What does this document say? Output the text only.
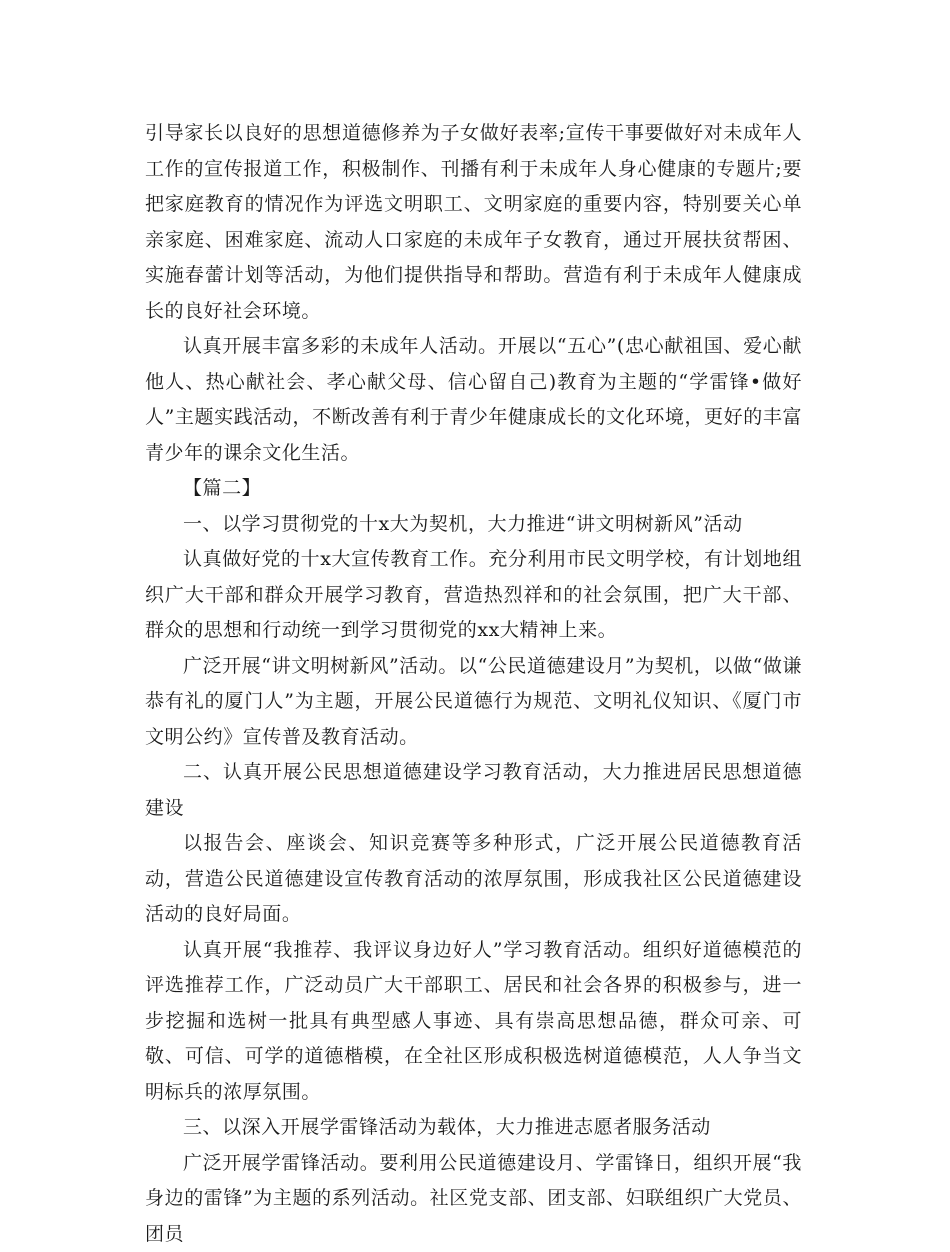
引导家长以良好的思想道德修养为子女做好表率;宣传干事要做好对未成年人工作的宣传报道工作，积极制作、刊播有利于未成年人身心健康的专题片;要把家庭教育的情况作为评选文明职工、文明家庭的重要内容，特别要关心单亲家庭、困难家庭、流动人口家庭的未成年子女教育，通过开展扶贫帮困、实施春蕾计划等活动，为他们提供指导和帮助。营造有利于未成年人健康成长的良好社会环境。

认真开展丰富多彩的未成年人活动。开展以“五心”(忠心献祖国、爱心献他人、热心献社会、孝心献父母、信心留自己)教育为主题的“学雷锋•做好人”主题实践活动，不断改善有利于青少年健康成长的文化环境，更好的丰富青少年的课余文化生活。

【篇二】

一、以学习贯彻党的十x大为契机，大力推进“讲文明树新风”活动

认真做好党的十x大宣传教育工作。充分利用市民文明学校，有计划地组织广大干部和群众开展学习教育，营造热烈祥和的社会氛围，把广大干部、群众的思想和行动统一到学习贯彻党的xx大精神上来。

广泛开展“讲文明树新风”活动。以“公民道德建设月”为契机，以做“做谦恭有礼的厦门人”为主题，开展公民道德行为规范、文明礼仪知识、《厦门市文明公约》宣传普及教育活动。

二、认真开展公民思想道德建设学习教育活动，大力推进居民思想道德建设

以报告会、座谈会、知识竞赛等多种形式，广泛开展公民道德教育活动，营造公民道德建设宣传教育活动的浓厚氛围，形成我社区公民道德建设活动的良好局面。

认真开展“我推荐、我评议身边好人”学习教育活动。组织好道德模范的评选推荐工作，广泛动员广大干部职工、居民和社会各界的积极参与，进一步挖掘和选树一批具有典型感人事迹、具有崇高思想品德，群众可亲、可敬、可信、可学的道德楷模，在全社区形成积极选树道德模范，人人争当文明标兵的浓厚氛围。

三、以深入开展学雷锋活动为载体，大力推进志愿者服务活动

广泛开展学雷锋活动。要利用公民道德建设月、学雷锋日，组织开展“我身边的雷锋”为主题的系列活动。社区党支部、团支部、妇联组织广大党员、团员
